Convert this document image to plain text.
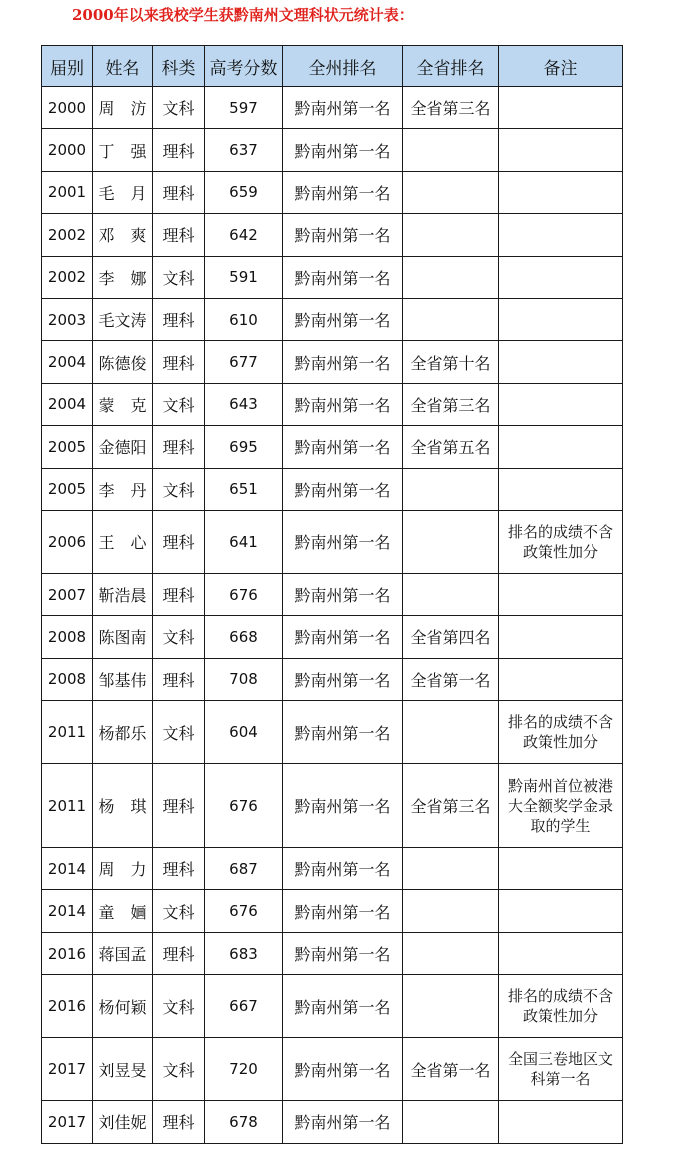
2000年以来我校学生获黔南州文理科状元统计表：
届别	姓名	科类	高考分数	全州排名	全省排名	备注
2000	周　汸	文科	597	黔南州第一名	全省第三名	
2000	丁　强	理科	637	黔南州第一名		
2001	毛　月	理科	659	黔南州第一名		
2002	邓　爽	理科	642	黔南州第一名		
2002	李　娜	文科	591	黔南州第一名		
2003	毛文涛	理科	610	黔南州第一名		
2004	陈德俊	理科	677	黔南州第一名	全省第十名	
2004	蒙　克	文科	643	黔南州第一名	全省第三名	
2005	金德阳	理科	695	黔南州第一名	全省第五名	
2005	李　丹	文科	651	黔南州第一名		
2006	王　心	理科	641	黔南州第一名		排名的成绩不含政策性加分
2007	靳浩晨	理科	676	黔南州第一名		
2008	陈图南	文科	668	黔南州第一名	全省第四名	
2008	邹基伟	理科	708	黔南州第一名	全省第一名	
2011	杨都乐	文科	604	黔南州第一名		排名的成绩不含政策性加分
2011	杨　琪	理科	676	黔南州第一名	全省第三名	黔南州首位被港大全额奖学金录取的学生
2014	周　力	理科	687	黔南州第一名		
2014	童　婳	文科	676	黔南州第一名		
2016	蒋国孟	理科	683	黔南州第一名		
2016	杨何颖	文科	667	黔南州第一名		排名的成绩不含政策性加分
2017	刘昱旻	文科	720	黔南州第一名	全省第一名	全国三卷地区文科第一名
2017	刘佳妮	理科	678	黔南州第一名		
